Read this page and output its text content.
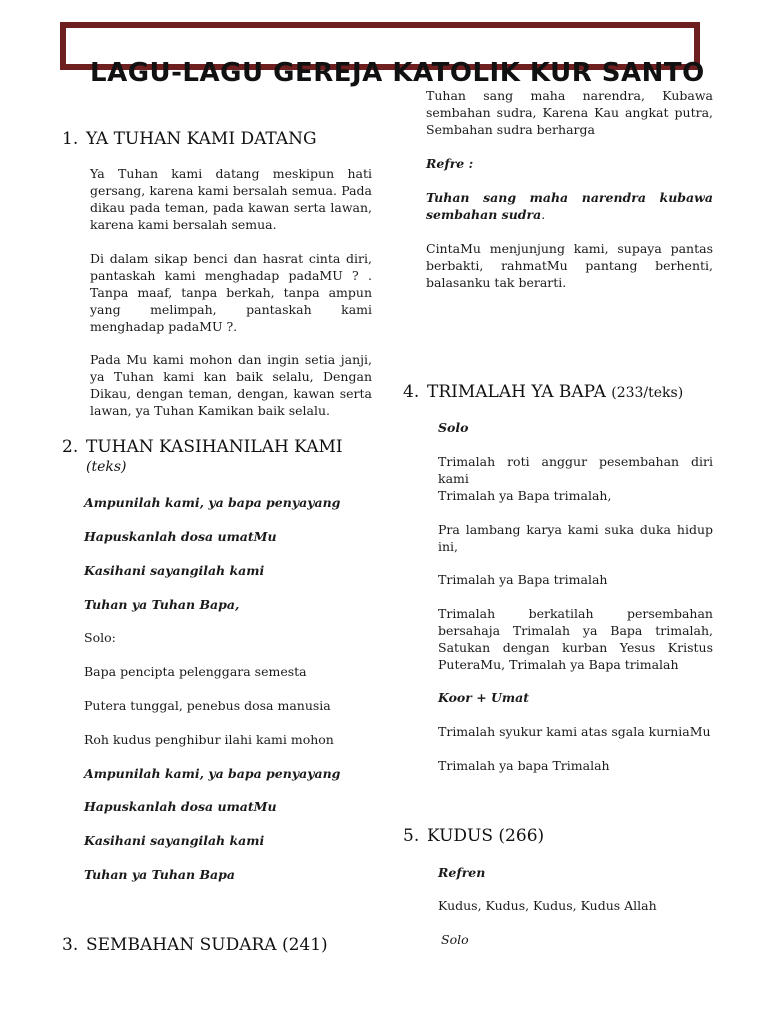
LAGU-LAGU GEREJA KATOLIK KUR SANTO
1. YA TUHAN KAMI DATANG

Ya Tuhan kami datang meskipun hati gersang, karena kami bersalah semua. Pada dikau pada teman, pada kawan serta lawan, karena kami bersalah semua.

Di dalam sikap benci dan hasrat cinta diri, pantaskah kami menghadap padaMU ? . Tanpa maaf, tanpa berkah, tanpa ampun yang melimpah, pantaskah kami menghadap padaMU ?.

Pada Mu kami mohon dan ingin setia janji, ya Tuhan kami kan baik selalu, Dengan Dikau, dengan teman, dengan, kawan serta lawan, ya Tuhan Kamikan baik selalu.

2. TUHAN KASIHANILAH KAMI
(teks)

Ampunilah kami, ya bapa penyayang

Hapuskanlah dosa umatMu

Kasihani sayangilah kami

Tuhan ya Tuhan Bapa,

Solo:

Bapa pencipta pelenggara semesta

Putera tunggal, penebus dosa manusia

Roh kudus penghibur ilahi kami mohon

Ampunilah kami, ya bapa penyayang

Hapuskanlah dosa umatMu

Kasihani sayangilah kami

Tuhan ya Tuhan Bapa

3. SEMBAHAN SUDARA (241)

Tuhan sang maha narendra, Kubawa sembahan sudra, Karena Kau angkat putra, Sembahan sudra berharga

Refre :

Tuhan sang maha narendra kubawa sembahan sudra.

CintaMu menjunjung kami, supaya pantas berbakti, rahmatMu pantang berhenti, balasanku tak berarti.

4. TRIMALAH YA BAPA (233/teks)

Solo

Trimalah roti anggur pesembahan diri kami

Trimalah ya Bapa trimalah,

Pra lambang karya kami suka duka hidup ini,

Trimalah ya Bapa trimalah

Trimalah berkatilah persembahan bersahaja Trimalah ya Bapa trimalah, Satukan dengan kurban Yesus Kristus PuteraMu, Trimalah ya Bapa trimalah

Koor + Umat

Trimalah syukur kami atas sgala kurniaMu

Trimalah ya bapa Trimalah

5. KUDUS (266)

Refren

Kudus, Kudus, Kudus, Kudus Allah

Solo
